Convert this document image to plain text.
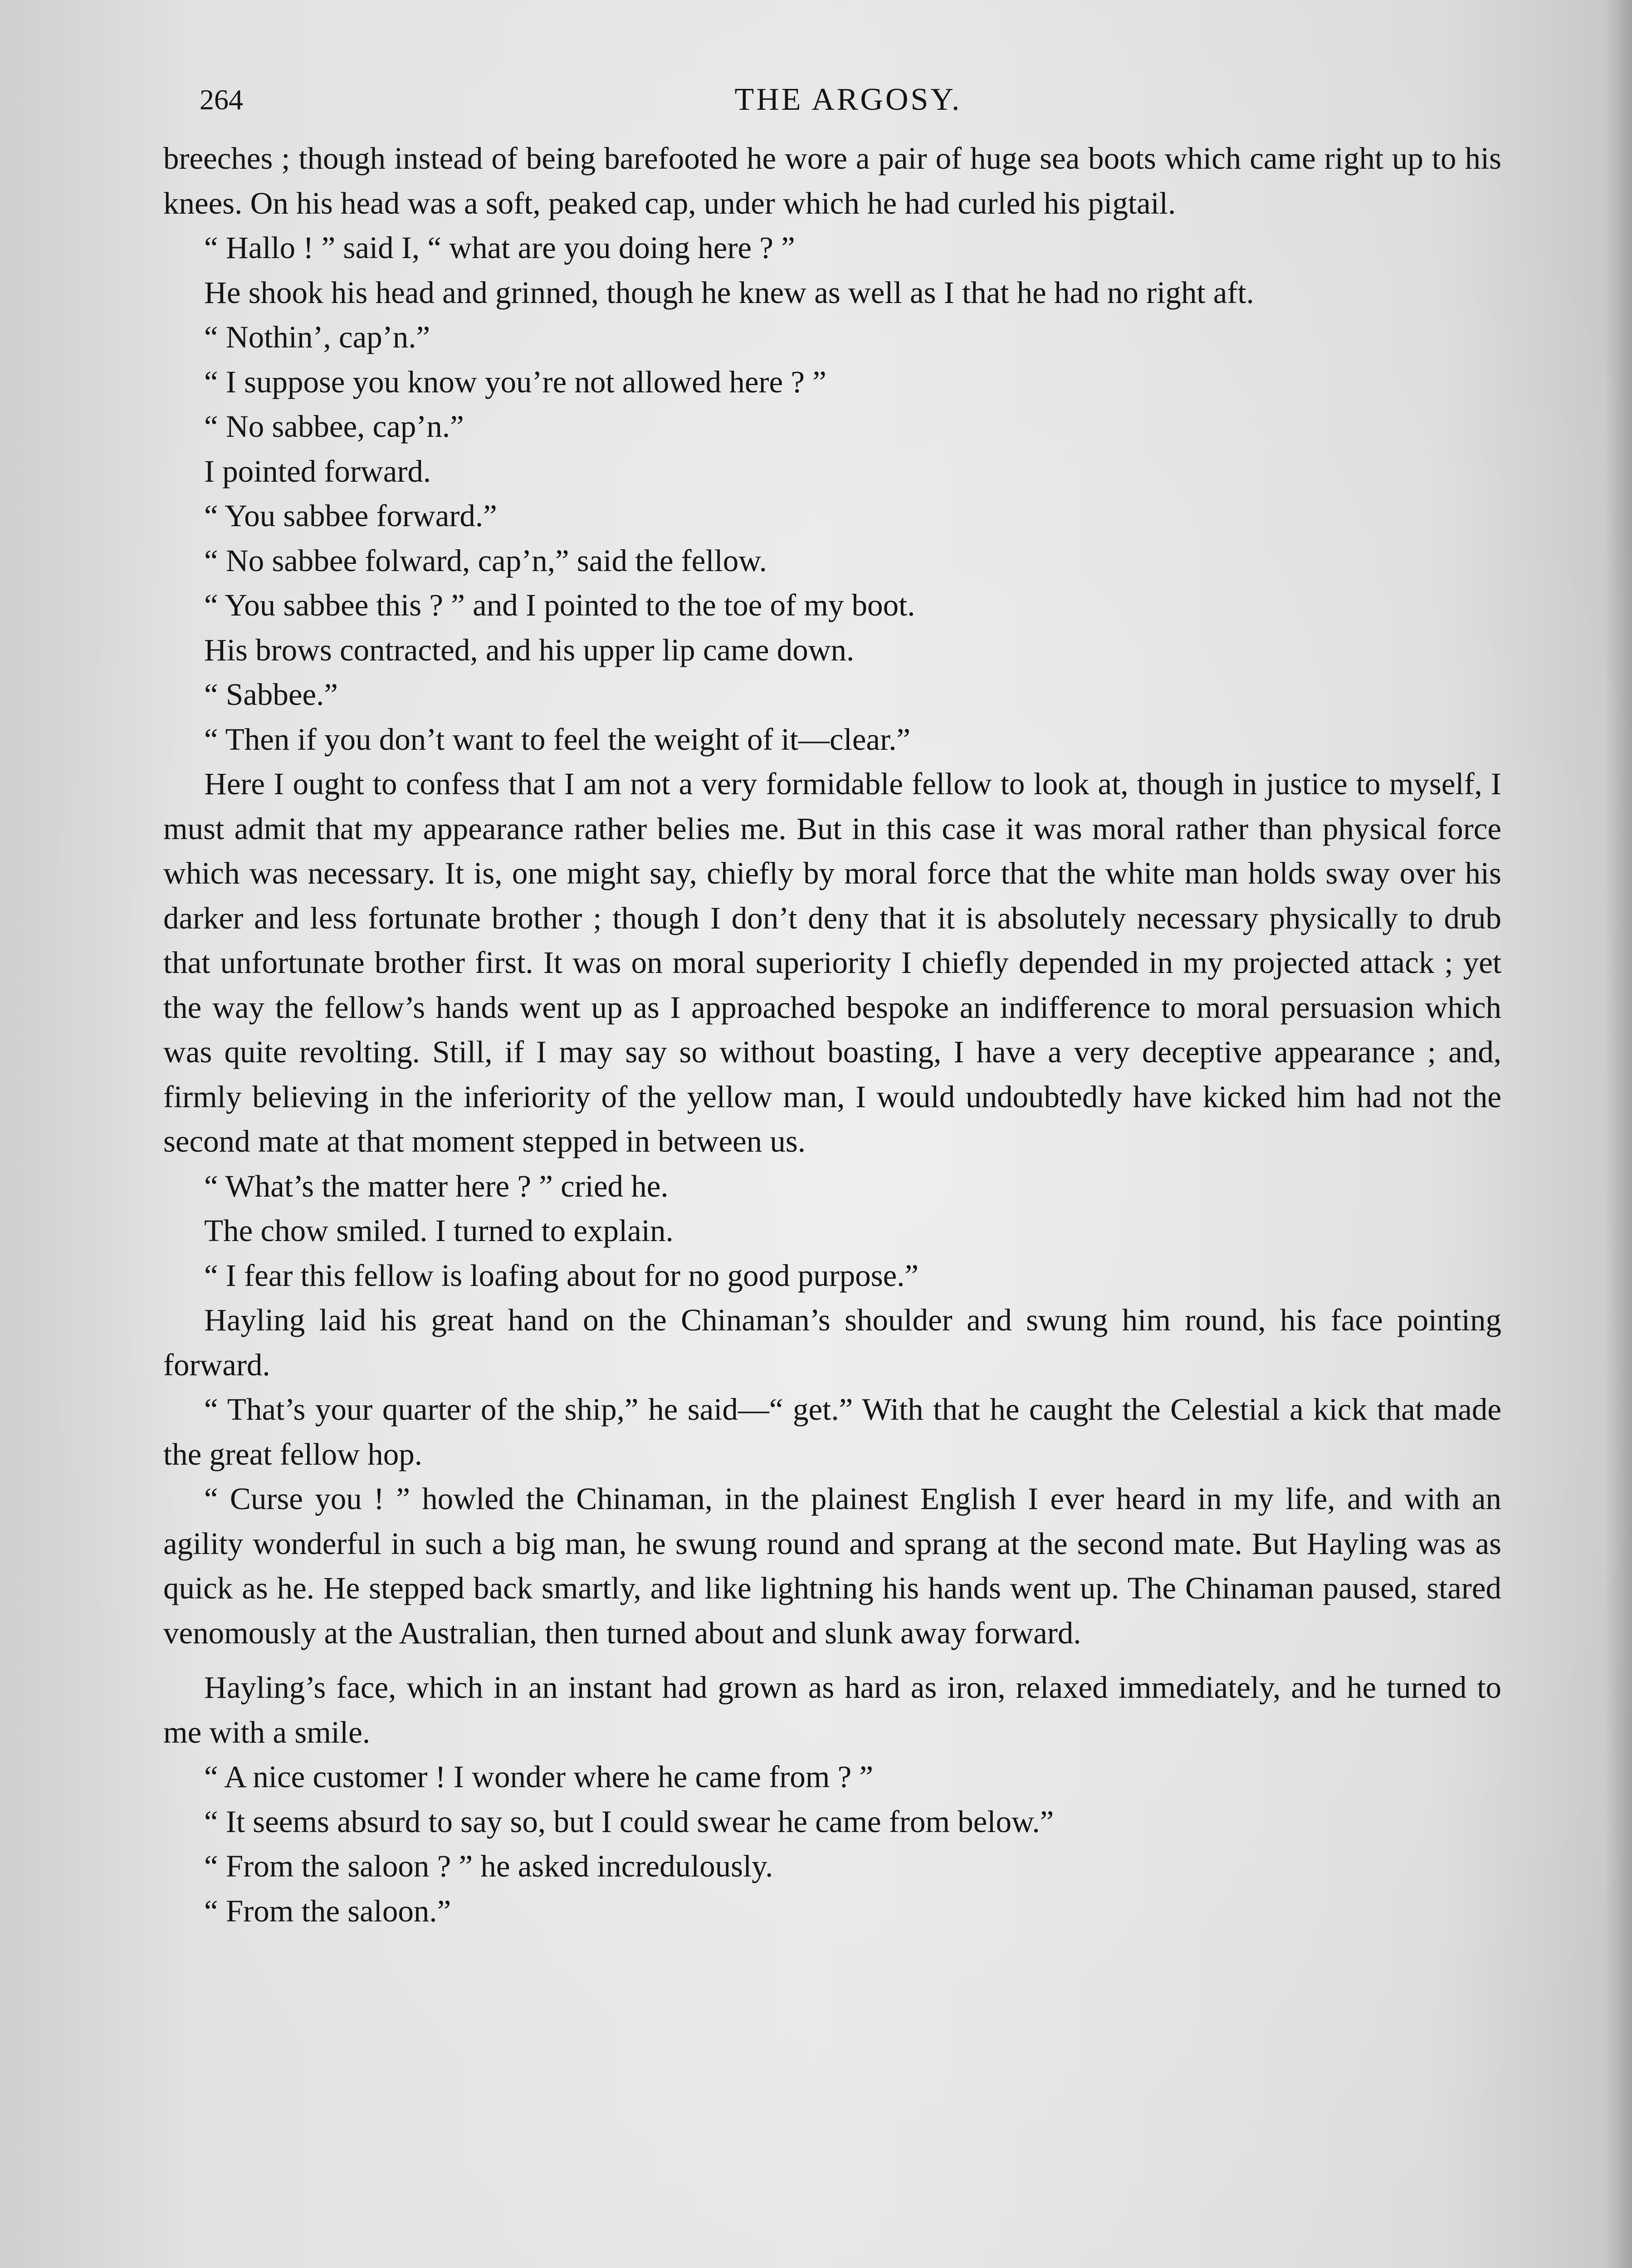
264	THE ARGOSY.

breeches ; though instead of being barefooted he wore a pair of huge sea boots which came right up to his knees. On his head was a soft, peaked cap, under which he had curled his pigtail.

“ Hallo ! ” said I, “ what are you doing here ? ”

He shook his head and grinned, though he knew as well as I that he had no right aft.

“ Nothin’, cap’n.”

“ I suppose you know you’re not allowed here ? ”

“ No sabbee, cap’n.”

I pointed forward.

“ You sabbee forward.”

“ No sabbee folward, cap’n,” said the fellow.

“ You sabbee this ? ” and I pointed to the toe of my boot.

His brows contracted, and his upper lip came down.

“ Sabbee.”

“ Then if you don’t want to feel the weight of it—clear.”

Here I ought to confess that I am not a very formidable fellow to look at, though in justice to myself, I must admit that my appearance rather belies me. But in this case it was moral rather than physical force which was necessary. It is, one might say, chiefly by moral force that the white man holds sway over his darker and less fortunate brother ; though I don’t deny that it is absolutely necessary physically to drub that unfortunate brother first. It was on moral superiority I chiefly depended in my projected attack ; yet the way the fellow’s hands went up as I approached bespoke an indifference to moral persuasion which was quite revolting. Still, if I may say so without boasting, I have a very deceptive appearance ; and, firmly believing in the inferiority of the yellow man, I would undoubtedly have kicked him had not the second mate at that moment stepped in between us.

“ What’s the matter here ? ” cried he.

The chow smiled. I turned to explain.

“ I fear this fellow is loafing about for no good purpose.”

Hayling laid his great hand on the Chinaman’s shoulder and swung him round, his face pointing forward.

“ That’s your quarter of the ship,” he said—“ get.” With that he caught the Celestial a kick that made the great fellow hop.

“ Curse you ! ” howled the Chinaman, in the plainest English I ever heard in my life, and with an agility wonderful in such a big man, he swung round and sprang at the second mate. But Hayling was as quick as he. He stepped back smartly, and like lightning his hands went up. The Chinaman paused, stared venomously at the Australian, then turned about and slunk away forward.

Hayling’s face, which in an instant had grown as hard as iron, relaxed immediately, and he turned to me with a smile.

“ A nice customer ! I wonder where he came from ? ”

“ It seems absurd to say so, but I could swear he came from below.”

“ From the saloon ? ” he asked incredulously.

“ From the saloon.”
